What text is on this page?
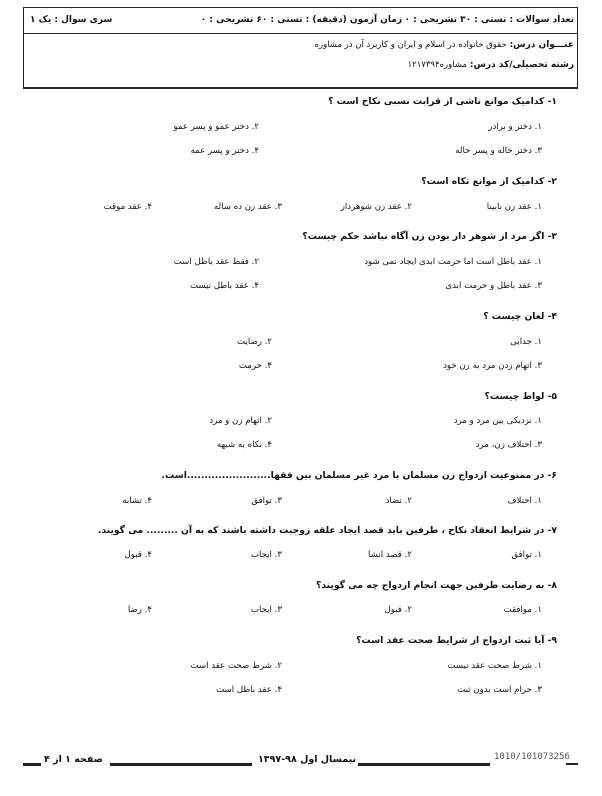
تعداد سوالات : تستی : ۳۰ تشریحی : ۰
زمان آزمون (دقیقه) : تستی : ۶۰ تشریحی : ۰
سری سوال : یک ۱
عنـــوان درس: حقوق خانواده در اسلام و ایران و کاربرد آن در مشاوره
رشته تحصیلی/کد درس: مشاوره۱۲۱۷۳۹۴
۱- کدامیک موانع ناشی از قرابت نسبی نکاح است ؟
۱. دختر و برادر
۲. دختر عمو و پسر عمو
۳. دختر خاله و پسر خاله
۴. دختر و پسر عمه
۲- کدامیک از موانع نکاه است؟
۱. عقد زن نابینا
۲. عقد زن شوهردار
۳. عقد زن ده ساله
۴. عقد موقت
۳- اگر مرد از شوهر دار بودن زن آگاه نباشد حکم چیست؟
۱. عقد باطل است اما حرمت ابدی ایجاد نمی شود
۲. فقط عقد باطل است
۳. عقد باطل و حرمت ابدی
۴. عقد باطل نیست
۴- لعان چیست ؟
۱. جدایی
۲. رضایت
۳. اتهام زدن مرد به زن خود
۴. حرمت
۵- لواط چیست؟
۱. نزدیکی بین مرد و مرد
۲. اتهام زن و مرد
۳. اختلاف زن، مرد
۴. نکاه به شبهه
۶- در ممنوعیت ازدواج زن مسلمان با مرد غیر مسلمان بین فقها........................است.
۱. اختلاف
۲. تضاد
۳. توافق
۴. تشابه
۷- در شرایط انعقاد نکاح ، طرفین باید قصد ایجاد علقه زوجیت داشته باشند که به آن ......... می گویند.
۱. توافق
۲. قصد انشا
۳. ایجاب
۴. قبول
۸- به رضایت طرفین جهت انجام ازدواج چه می گویند؟
۱. موافقت
۲. قبول
۳. ایجاب
۴. رضا
۹- آیا ثبت ازدواج از شرایط صحت عقد است؟
۱. شرط صحت عقد نیست
۲. شرط صحت عقد است
۳. حرام است بدون ثبت
۴. عقد باطل است
صفحه ۱ از ۴	نیمسال اول ۹۸-۱۳۹۷	1010/101073256
